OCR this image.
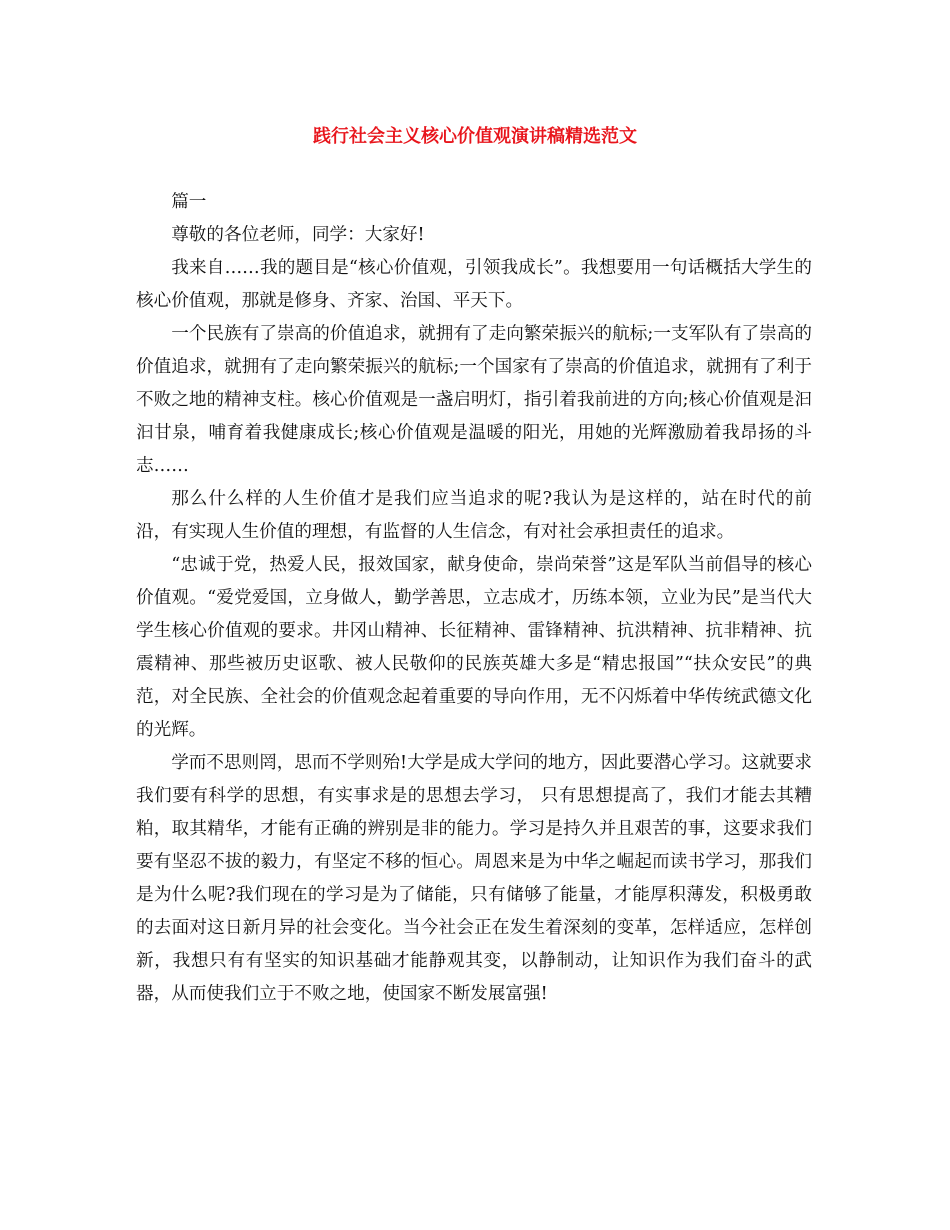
践行社会主义核心价值观演讲稿精选范文

篇一

尊敬的各位老师，同学：大家好!

我来自……我的题目是“核心价值观，引领我成长”。我想要用一句话概括大学生的核心价值观，那就是修身、齐家、治国、平天下。

一个民族有了崇高的价值追求，就拥有了走向繁荣振兴的航标;一支军队有了崇高的价值追求，就拥有了走向繁荣振兴的航标;一个国家有了崇高的价值追求，就拥有了利于不败之地的精神支柱。核心价值观是一盏启明灯，指引着我前进的方向;核心价值观是汩汩甘泉，哺育着我健康成长;核心价值观是温暖的阳光，用她的光辉激励着我昂扬的斗志……

那么什么样的人生价值才是我们应当追求的呢?我认为是这样的，站在时代的前沿，有实现人生价值的理想，有监督的人生信念，有对社会承担责任的追求。

“忠诚于党，热爱人民，报效国家，献身使命，崇尚荣誉”这是军队当前倡导的核心价值观。“爱党爱国，立身做人，勤学善思，立志成才，历练本领，立业为民”是当代大学生核心价值观的要求。井冈山精神、长征精神、雷锋精神、抗洪精神、抗非精神、抗震精神、那些被历史讴歌、被人民敬仰的民族英雄大多是“精忠报国”“扶众安民”的典范，对全民族、全社会的价值观念起着重要的导向作用，无不闪烁着中华传统武德文化的光辉。

学而不思则罔，思而不学则殆!大学是成大学问的地方，因此要潜心学习。这就要求我们要有科学的思想，有实事求是的思想去学习， 只有思想提高了，我们才能去其糟粕，取其精华，才能有正确的辨别是非的能力。学习是持久并且艰苦的事，这要求我们要有坚忍不拔的毅力，有坚定不移的恒心。周恩来是为中华之崛起而读书学习，那我们是为什么呢?我们现在的学习是为了储能，只有储够了能量，才能厚积薄发，积极勇敢的去面对这日新月异的社会变化。当今社会正在发生着深刻的变革，怎样适应，怎样创新，我想只有有坚实的知识基础才能静观其变，以静制动，让知识作为我们奋斗的武器，从而使我们立于不败之地，使国家不断发展富强!
